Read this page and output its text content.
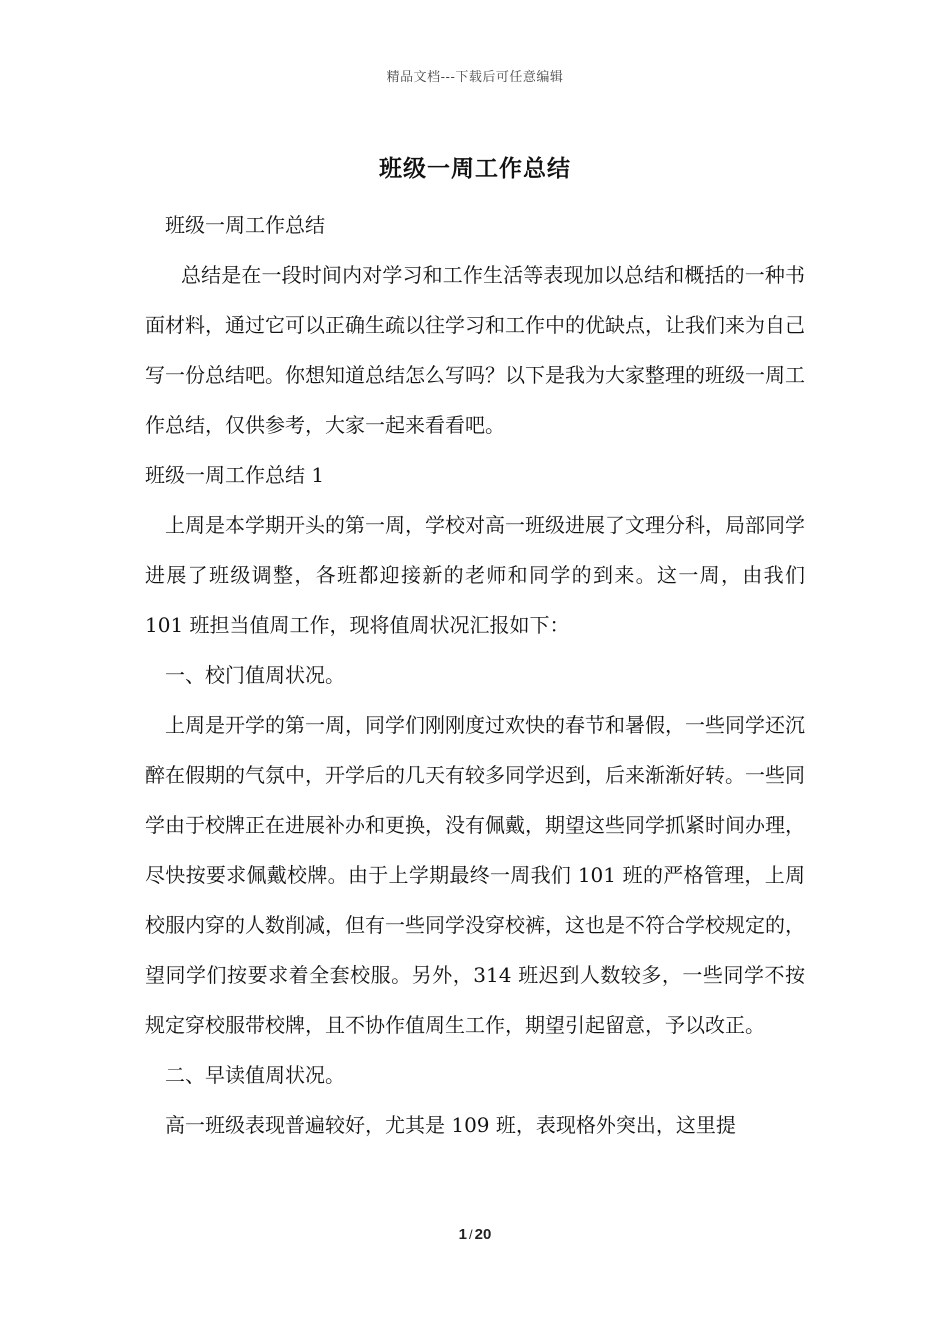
精品文档---下载后可任意编辑
班级一周工作总结

班级一周工作总结

总结是在一段时间内对学习和工作生活等表现加以总结和概括的一种书面材料，通过它可以正确生疏以往学习和工作中的优缺点，让我们来为自己写一份总结吧。你想知道总结怎么写吗？以下是我为大家整理的班级一周工作总结，仅供参考，大家一起来看看吧。

班级一周工作总结 1

上周是本学期开头的第一周，学校对高一班级进展了文理分科，局部同学进展了班级调整，各班都迎接新的老师和同学的到来。这一周，由我们 101 班担当值周工作，现将值周状况汇报如下：

一、校门值周状况。

上周是开学的第一周，同学们刚刚度过欢快的春节和暑假，一些同学还沉醉在假期的气氛中，开学后的几天有较多同学迟到，后来渐渐好转。一些同学由于校牌正在进展补办和更换，没有佩戴，期望这些同学抓紧时间办理，尽快按要求佩戴校牌。由于上学期最终一周我们 101 班的严格管理，上周校服内穿的人数削减，但有一些同学没穿校裤，这也是不符合学校规定的，望同学们按要求着全套校服。另外，314 班迟到人数较多，一些同学不按规定穿校服带校牌，且不协作值周生工作，期望引起留意，予以改正。

二、早读值周状况。

高一班级表现普遍较好，尤其是 109 班，表现格外突出，这里提

1 / 20
